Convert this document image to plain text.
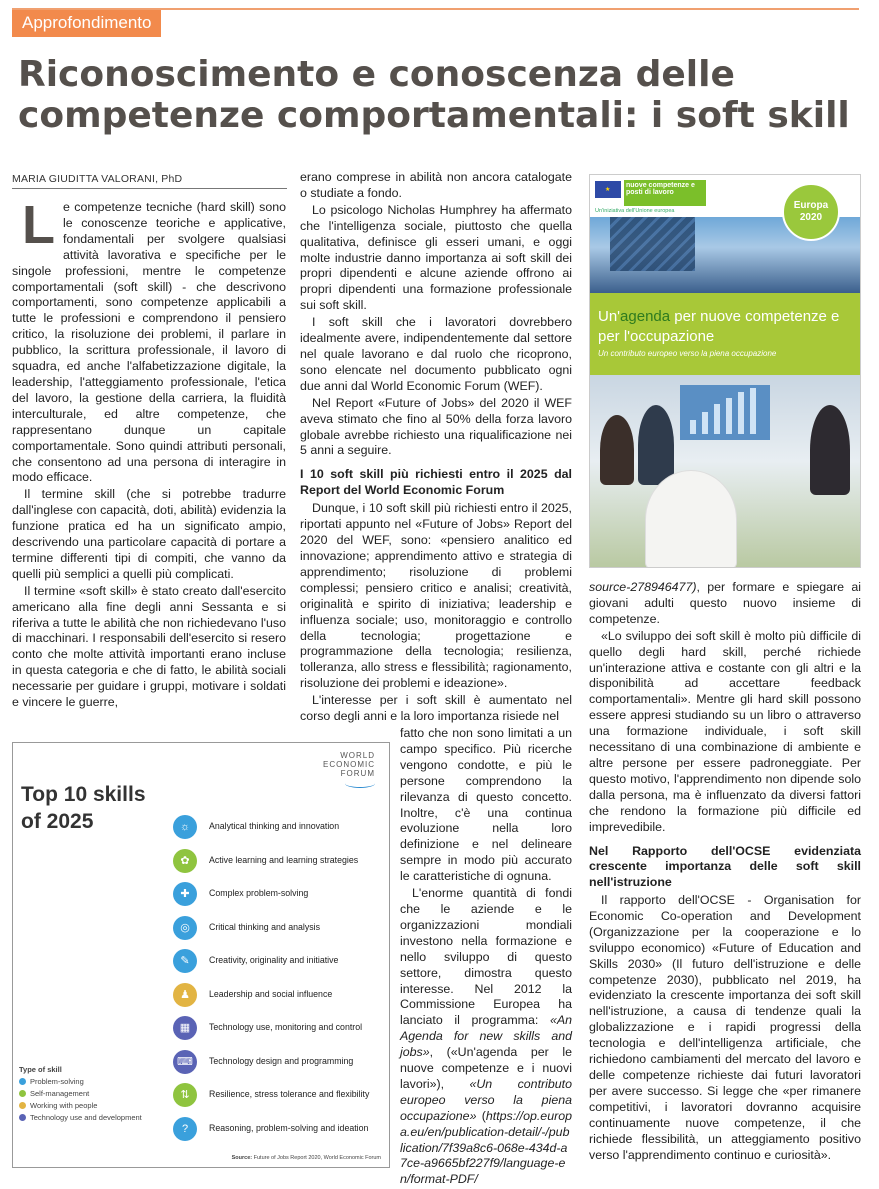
Approfondimento
Riconoscimento e conoscenza delle competenze comportamentali: i soft skill
MARIA GIUDITTA VALORANI, PhD

Le competenze tecniche (hard skill) sono le conoscenze teoriche e applicative, fondamentali per svolgere qualsiasi attività lavorativa e specifiche per le singole professioni, mentre le competenze comportamentali (soft skill) - che descrivono comportamenti, sono competenze applicabili a tutte le professioni e comprendono il pensiero critico, la risoluzione dei problemi, il parlare in pubblico, la scrittura professionale, il lavoro di squadra, ed anche l'alfabetizzazione digitale, la leadership, l'atteggiamento professionale, l'etica del lavoro, la gestione della carriera, la fluidità interculturale, ed altre competenze, che rappresentano dunque un capitale comportamentale. Sono quindi attributi personali, che consentono ad una persona di interagire in modo efficace.

Il termine skill (che si potrebbe tradurre dall'inglese con capacità, doti, abilità) evidenzia la funzione pratica ed ha un significato ampio, descrivendo una particolare capacità di portare a termine differenti tipi di compiti, che vanno da quelli più semplici a quelli più complicati.

Il termine «soft skill» è stato creato dall'esercito americano alla fine degli anni Sessanta e si riferiva a tutte le abilità che non richiedevano l'uso di macchinari. I responsabili dell'esercito si resero conto che molte attività importanti erano incluse in questa categoria e che di fatto, le abilità sociali necessarie per guidare i gruppi, motivare i soldati e vincere le guerre,

erano comprese in abilità non ancora catalogate o studiate a fondo.

Lo psicologo Nicholas Humphrey ha affermato che l'intelligenza sociale, piuttosto che quella qualitativa, definisce gli esseri umani, e oggi molte industrie danno importanza ai soft skill dei propri dipendenti e alcune aziende offrono ai propri dipendenti una formazione professionale sui soft skill.

I soft skill che i lavoratori dovrebbero idealmente avere, indipendentemente dal settore nel quale lavorano e dal ruolo che ricoprono, sono elencate nel documento pubblicato ogni due anni dal World Economic Forum (WEF).

Nel Report «Future of Jobs» del 2020 il WEF aveva stimato che fino al 50% della forza lavoro globale avrebbe richiesto una riqualificazione nei 5 anni a seguire.

I 10 soft skill più richiesti entro il 2025 dal Report del World Economic Forum

Dunque, i 10 soft skill più richiesti entro il 2025, riportati appunto nel «Future of Jobs» Report del 2020 del WEF, sono: «pensiero analitico ed innovazione; apprendimento attivo e strategia di apprendimento; risoluzione di problemi complessi; pensiero critico e analisi; creatività, originalità e spirito di iniziativa; leadership e influenza sociale; uso, monitoraggio e controllo della tecnologia; progettazione e programmazione della tecnologia; resilienza, tolleranza, allo stress e flessibilità; ragionamento, risoluzione dei problemi e ideazione».

L'interesse per i soft skill è aumentato nel corso degli anni e la loro importanza risiede nel

fatto che non sono limitati a un campo specifico. Più ricerche vengono condotte, e più le persone comprendono la rilevanza di questo concetto. Inoltre, c'è una continua evoluzione nella loro definizione e nel delineare sempre in modo più accurato le caratteristiche di ognuna.

L'enorme quantità di fondi che le aziende e le organizzazioni mondiali investono nella formazione e nello sviluppo di questo settore, dimostra questo interesse. Nel 2012 la Commissione Europea ha lanciato il programma: «An Agenda for new skills and jobs», («Un'agenda per le nuove competenze e i nuovi lavori»), «Un contributo europeo verso la piena occupazione» (https://op.europa.eu/en/publication-detail/-/publication/7f39a8c6-068e-434d-a7ce-a9665bf227f9/language-en/format-PDF/

★
nuove competenze e posti di lavoro
Un'iniziativa dell'Unione europea	Europa
2020
Un'agenda per nuove competenze e per l'occupazione
Un contributo europeo verso la piena occupazione

source-278946477), per formare e spiegare ai giovani adulti questo nuovo insieme di competenze.

«Lo sviluppo dei soft skill è molto più difficile di quello degli hard skill, perché richiede un'interazione attiva e costante con gli altri e la disponibilità ad accettare feedback comportamentali». Mentre gli hard skill possono essere appresi studiando su un libro o attraverso una formazione individuale, i soft skill necessitano di una combinazione di ambiente e altre persone per essere padroneggiate. Per questo motivo, l'apprendimento non dipende solo dalla persona, ma è influenzato da diversi fattori che rendono la formazione più difficile ed imprevedibile.

Nel Rapporto dell'OCSE evidenziata crescente importanza delle soft skill nell'istruzione

Il rapporto dell'OCSE - Organisation for Economic Co-operation and Development (Organizzazione per la cooperazione e lo sviluppo economico) «Future of Education and Skills 2030» (Il futuro dell'istruzione e delle competenze 2030), pubblicato nel 2019, ha evidenziato la crescente importanza dei soft skill nell'istruzione, a causa di tendenze quali la globalizzazione e i rapidi progressi della tecnologia e dell'intelligenza artificiale, che richiedono cambiamenti del mercato del lavoro e delle competenze richieste dai futuri lavoratori per avere successo. Si legge che «per rimanere competitivi, i lavoratori dovranno acquisire continuamente nuove competenze, il che richiede flessibilità, un atteggiamento positivo verso l'apprendimento continuo e curiosità».

WORLD
ECONOMIC
FORUM
Top 10 skills of 2025	☼	Analytical thinking and innovation
✿	Active learning and learning strategies
✚	Complex problem-solving
◎	Critical thinking and analysis
✎	Creativity, originality and initiative
♟	Leadership and social influence
▦	Technology use, monitoring and control
⌨	Technology design and programming
⇅	Resilience, stress tolerance and flexibility
?	Reasoning, problem-solving and ideation
Type of skill
Problem-solving
Self-management
Working with people
Technology use and development
Source: Future of Jobs Report 2020, World Economic Forum
